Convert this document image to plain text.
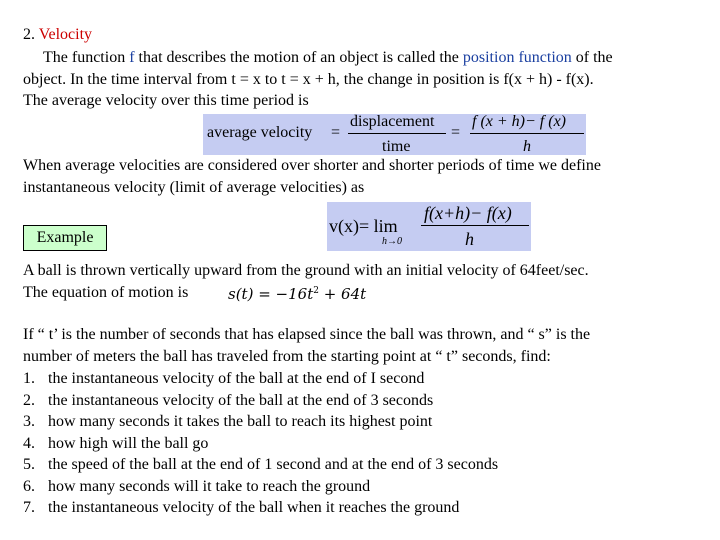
2. Velocity
The function f that describes the motion of an object is called the position function of the
object. In the time interval from t = x to t = x + h, the change in position is f(x + h) - f(x).
The average velocity over this time period is
average velocity =
displacement
time
=
f (x + h)− f (x)
h
When average velocities are considered over shorter and shorter periods of time we define
instantaneous velocity (limit of average velocities) as
Example
v(x)= lim
h→0
f(x+h)− f(x)
h
A ball is thrown vertically upward from the ground with an initial velocity of 64feet/sec.
The equation of motion is	$s(t) = -16t^2 + 64t$
If “ t’ is the number of seconds that has elapsed since the ball was thrown, and “ s” is the
number of meters the ball has traveled from the starting point at “ t” seconds, find:
1. the instantaneous velocity of the ball at the end of I second
2. the instantaneous velocity of the ball at the end of 3 seconds
3. how many seconds it takes the ball to reach its highest point
4. how high will the ball go
5. the speed of the ball at the end of 1 second and at the end of 3 seconds
6. how many seconds will it take to reach the ground
7. the instantaneous velocity of the ball when it reaches the ground
